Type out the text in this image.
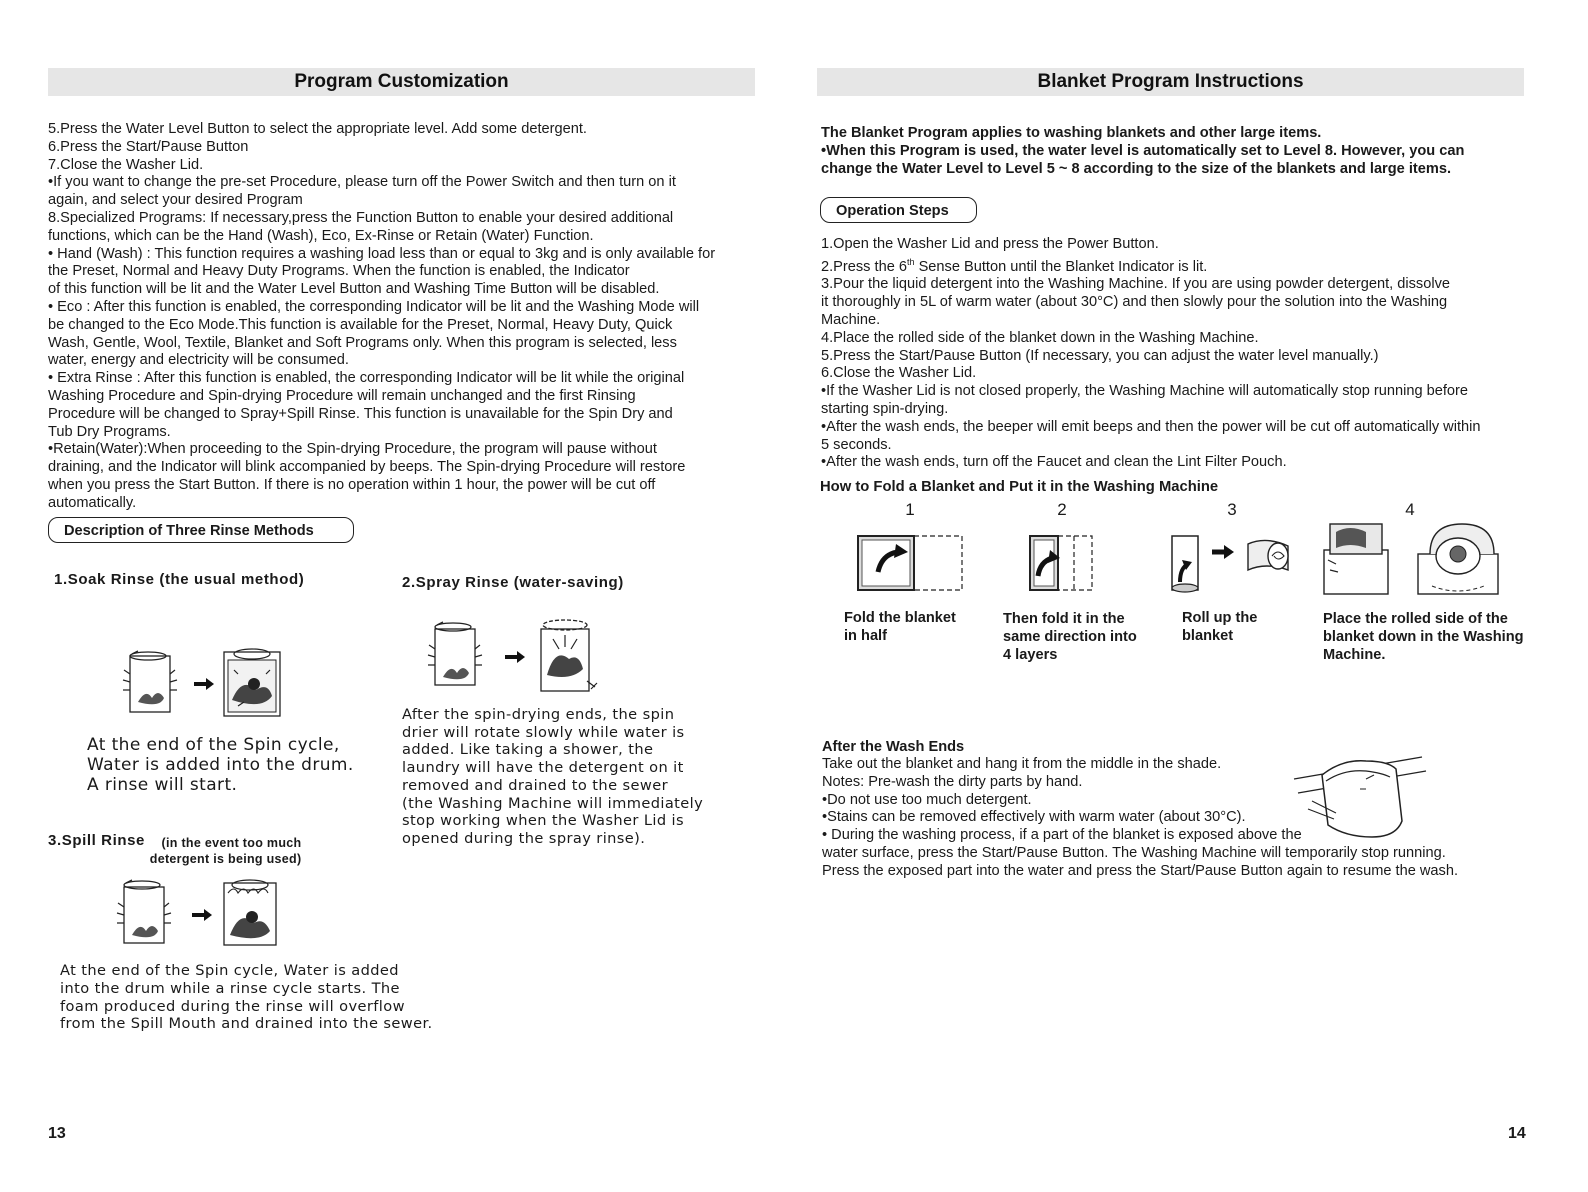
Program Customization

5.Press the Water Level Button to select the appropriate level. Add some detergent.

6.Press the Start/Pause Button

7.Close the Washer Lid.

•If you want to change the pre-set Procedure, please turn off the Power Switch and then turn on it

again, and select your desired Program

8.Specialized Programs: If necessary,press the Function Button to enable your desired additional

functions, which can be the Hand (Wash), Eco, Ex-Rinse or Retain (Water) Function.

• Hand (Wash) : This function requires a washing load less than or equal to 3kg and is only available for

the Preset, Normal and Heavy Duty Programs. When the function is enabled, the Indicator

of this function will be lit and the Water Level Button and Washing Time Button will be disabled.

• Eco : After this function is enabled, the corresponding Indicator will be lit and the Washing Mode will

be changed to the Eco Mode.This function is available for the Preset, Normal, Heavy Duty, Quick

Wash, Gentle, Wool, Textile, Blanket and Soft Programs only. When this program is selected, less

water, energy and electricity will be consumed.

• Extra Rinse : After this function is enabled, the corresponding Indicator will be lit while the original

Washing Procedure and Spin-drying Procedure will remain unchanged and the first Rinsing

Procedure will be changed to Spray+Spill Rinse. This function is unavailable for the Spin Dry and

Tub Dry Programs.

•Retain(Water):When proceeding to the Spin-drying Procedure, the program will pause without

draining, and the Indicator will blink accompanied by beeps. The Spin-drying Procedure will restore

when you press the Start Button. If there is no operation within 1 hour, the power will be cut off

automatically.

Description of Three Rinse Methods
1.Soak Rinse (the usual method)	2.Spray Rinse (water-saving)
At the end of the Spin cycle,
Water is added into the drum.
A rinse will start.
After the spin-drying ends, the spin
drier will rotate slowly while water is
added. Like taking a shower, the
laundry will have the detergent on it
removed and drained to the sewer
(the Washing Machine will immediately
stop working when the Washer Lid is
opened during the spray rinse).
3.Spill Rinse (in the event too much
detergent is being used)
At the end of the Spin cycle, Water is added
into the drum while a rinse cycle starts. The
foam produced during the rinse will overflow
from the Spill Mouth and drained into the sewer.
13
Blanket Program Instructions
The Blanket Program applies to washing blankets and other large items.
•When this Program is used, the water level is automatically set to Level 8. However, you can
change the Water Level to Level 5 ~ 8 according to the size of the blankets and large items.
Operation Steps

1.Open the Washer Lid and press the Power Button.

2.Press the 6th Sense Button until the Blanket Indicator is lit.

3.Pour the liquid detergent into the Washing Machine. If you are using powder detergent, dissolve
it thoroughly in 5L of warm water (about 30°C) and then slowly pour the solution into the Washing
Machine.
4.Place the rolled side of the blanket down in the Washing Machine.
5.Press the Start/Pause Button (If necessary, you can adjust the water level manually.)
6.Close the Washer Lid.
•If the Washer Lid is not closed properly, the Washing Machine will automatically stop running before
starting spin-drying.
•After the wash ends, the beeper will emit beeps and then the power will be cut off automatically within
5 seconds.
•After the wash ends, turn off the Faucet and clean the Lint Filter Pouch.

How to Fold a Blanket and Put it in the Washing Machine
1	2	3	4
Fold the blanket
in half
Then fold it in the
same direction into
4 layers
Roll up the
blanket
Place the rolled side of the
blanket down in the Washing
Machine.
After the Wash Ends
Take out the blanket and hang it from the middle in the shade.
Notes: Pre-wash the dirty parts by hand.
•Do not use too much detergent.
•Stains can be removed effectively with warm water (about 30°C).
• During the washing process, if a part of the blanket is exposed above the
water surface, press the Start/Pause Button. The Washing Machine will temporarily stop running.
Press the exposed part into the water and press the Start/Pause Button again to resume the wash.
14
